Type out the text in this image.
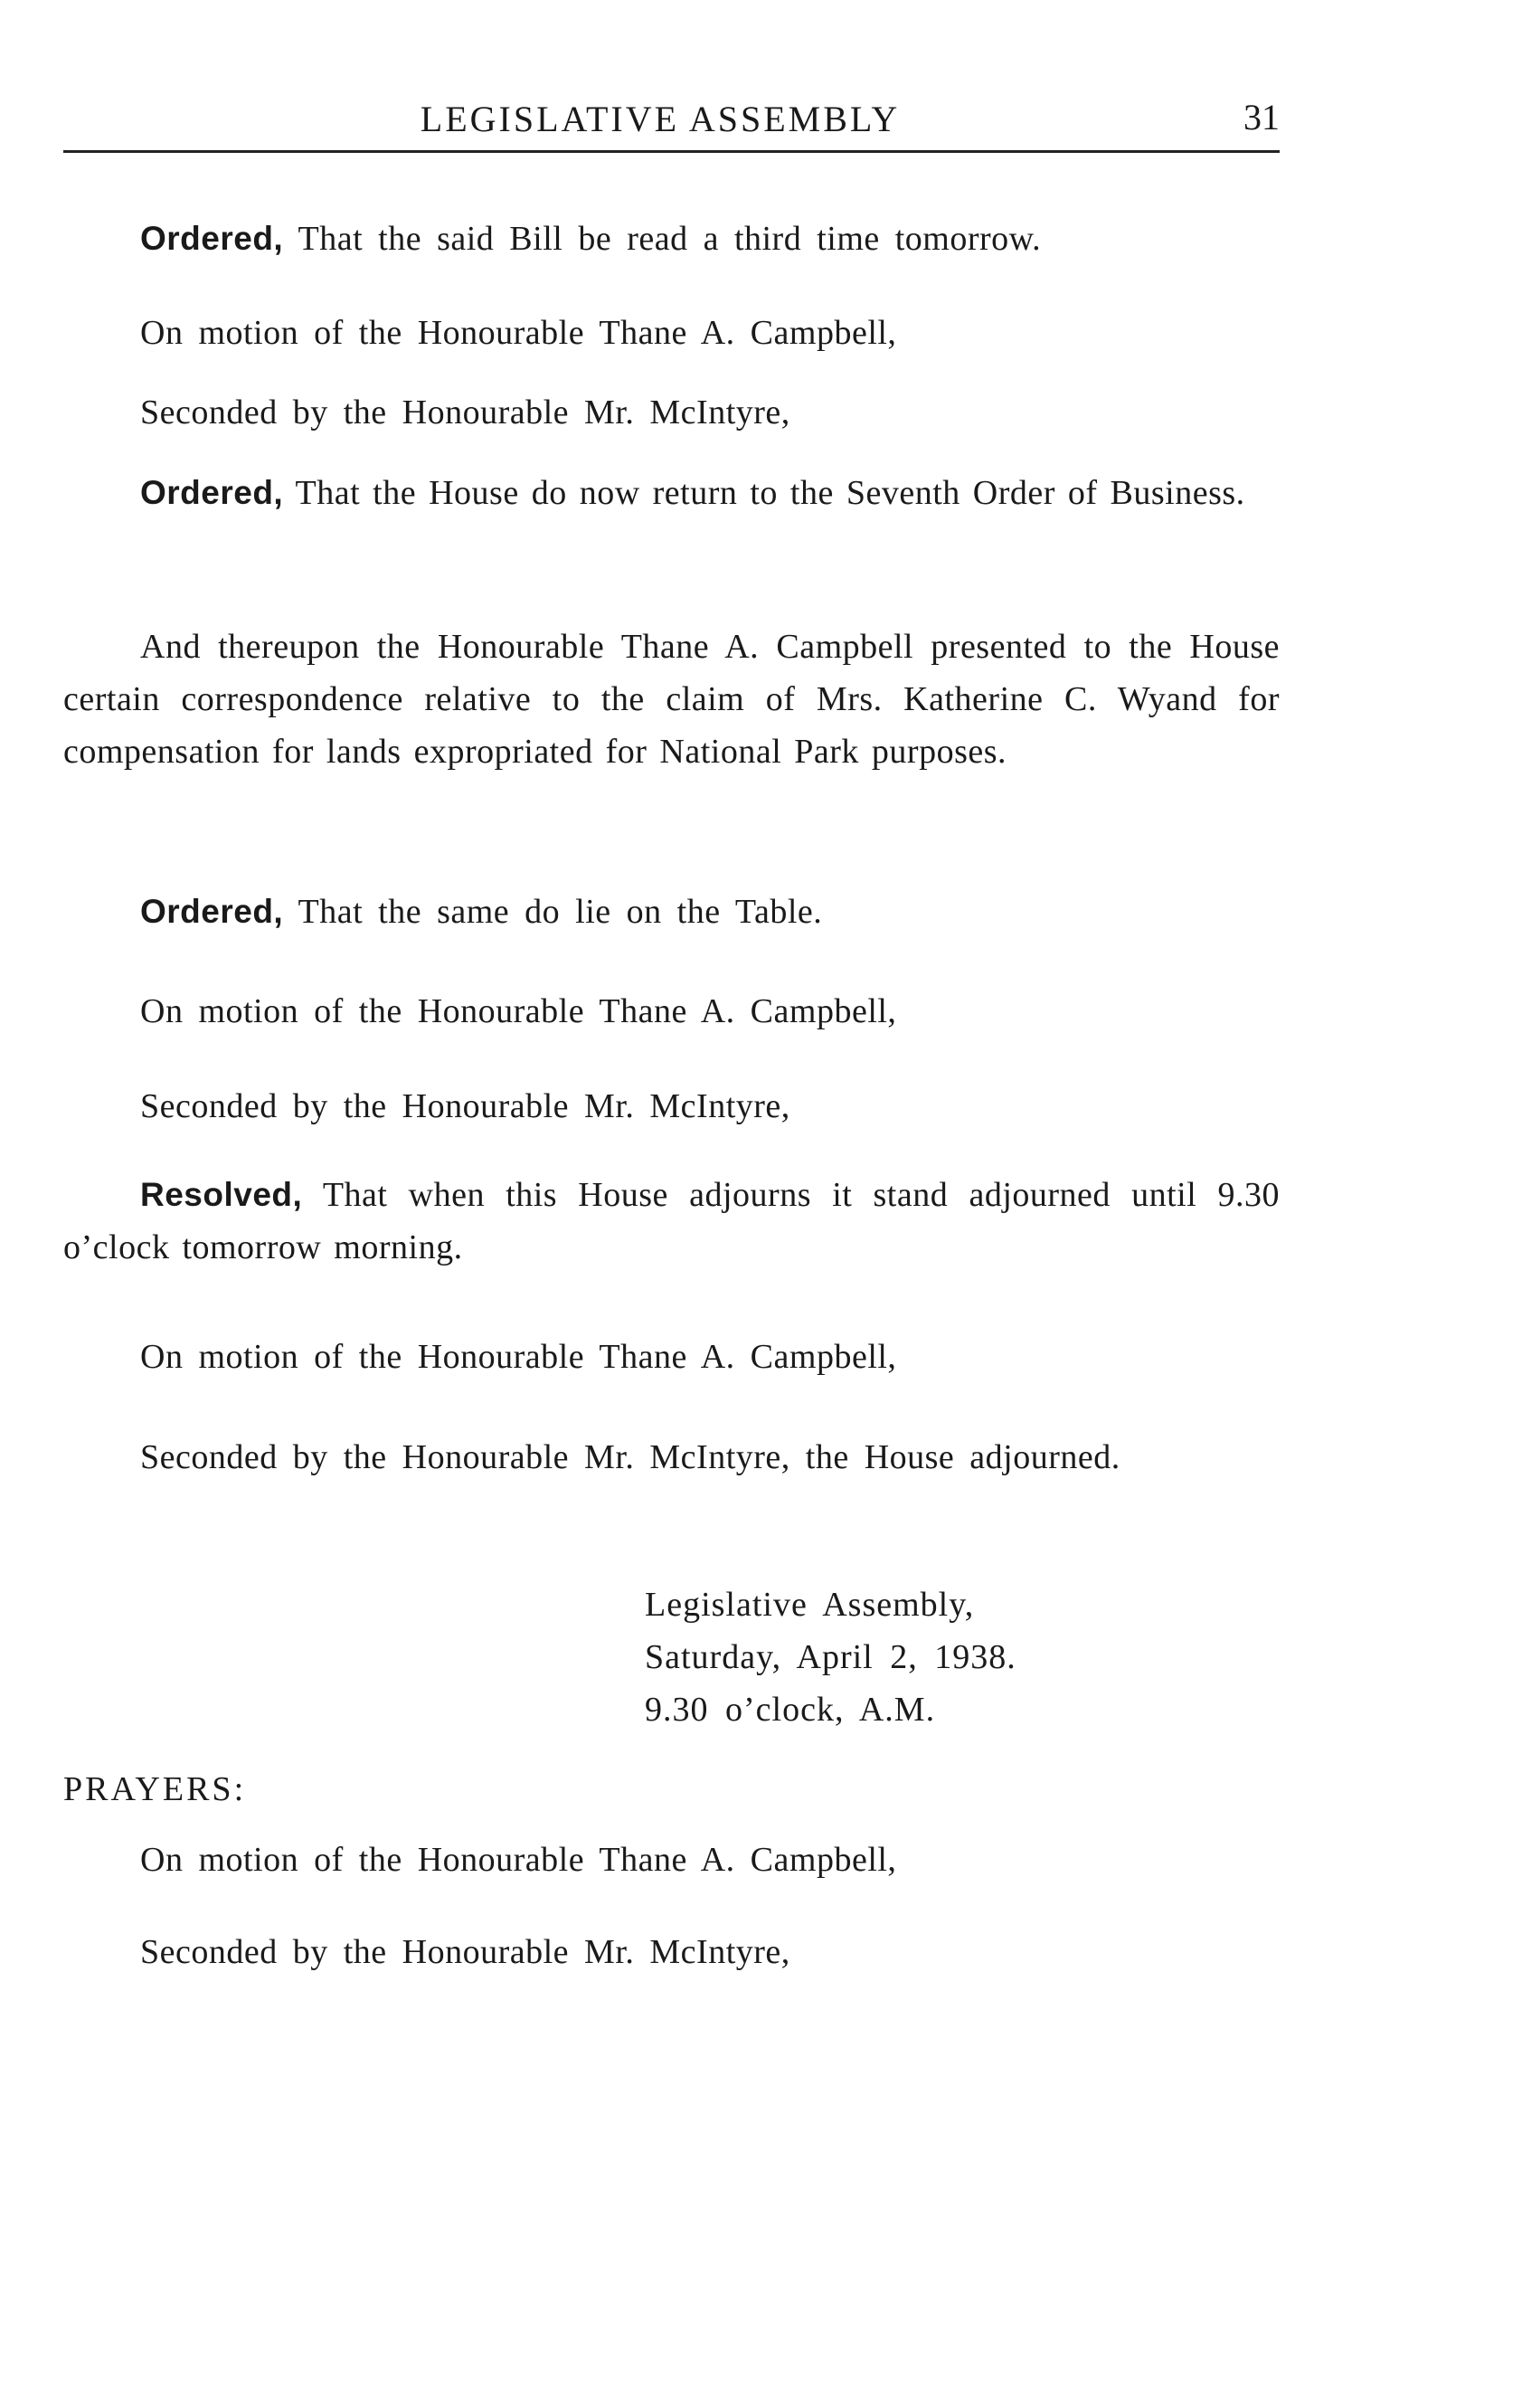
LEGISLATIVE ASSEMBLY	31
Ordered, That the said Bill be read a third time tomorrow.
On motion of the Honourable Thane A. Campbell,
Seconded by the Honourable Mr. McIntyre,
Ordered, That the House do now return to the Seventh Order of Business.
And thereupon the Honourable Thane A. Campbell presented to the House certain correspondence relative to the claim of Mrs. Katherine C. Wyand for compensation for lands expropriated for National Park purposes.
Ordered, That the same do lie on the Table.
On motion of the Honourable Thane A. Campbell,
Seconded by the Honourable Mr. McIntyre,
Resolved, That when this House adjourns it stand adjourned until 9.30 o’clock tomorrow morning.
On motion of the Honourable Thane A. Campbell,
Seconded by the Honourable Mr. McIntyre, the House adjourned.
Legislative Assembly,
Saturday, April 2, 1938.
9.30 o’clock, A.M.
PRAYERS:
On motion of the Honourable Thane A. Campbell,
Seconded by the Honourable Mr. McIntyre,
